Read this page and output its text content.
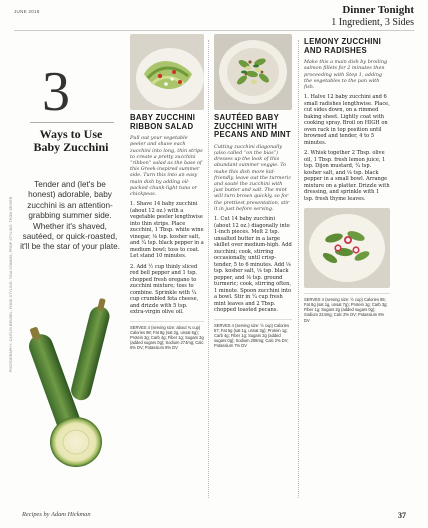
JUNE 2018	Dinner Tonight
1 Ingredient, 3 Sides
3
Ways to Use Baby Zucchini
Tender and (let's be honest) adorable, baby zucchini is an attention-grabbing summer side. Whether it's shaved, sautéed, or quick-roasted, it'll be the star of your plate.
PHOTOGRAPHY: CAITLIN BENSEL; FOOD STYLING: TINA STAMOS; PROP STYLING: THOM DRIVER
BABY ZUCCHINI RIBBON SALAD
Pull out your vegetable peeler and shave each zucchini into long, thin strips to create a pretty zucchini “ribbon” salad as the base of this Greek-inspired summer side. Turn this into an easy main dish by adding oil-packed chunk-light tuna or chickpeas.
1. Shave 14 baby zucchini (about 12 oz.) with a vegetable peeler lengthwise into thin strips. Place zucchini, 1 Tbsp. white wine vinegar, ⅛ tsp. kosher salt, and ¼ tsp. black pepper in a medium bowl; toss to coat. Let stand 10 minutes.
2. Add ½ cup thinly sliced red bell pepper and 1 tsp. chopped fresh oregano to zucchini mixture; toss to combine. Sprinkle with ¼ cup crumbled feta cheese, and drizzle with 5 tsp. extra-virgin olive oil.
SERVES 4 (serving size: about ¾ cup) Calories 98; Fat 8g (sat 2g, unsat 6g); Protein 3g; Carb 4g; Fiber 1g; Sugars 3g (added sugars 0g); Sodium 274mg; Calc 6% DV; Potassium 8% DV
SAUTÉED BABY ZUCCHINI WITH PECANS AND MINT
Cutting zucchini diagonally (also called “on the bias”) dresses up the look of this abundant summer veggie. To make this dish more kid-friendly, leave out the turmeric and sauté the zucchini with just butter and salt. The mint will turn brown quickly, so for the prettiest presentation, stir it in just before serving.
1. Cut 14 baby zucchini (about 12 oz.) diagonally into 1-inch pieces. Melt 2 tsp. unsalted butter in a large skillet over medium-high. Add zucchini; cook, stirring occasionally, until crisp-tender, 5 to 6 minutes. Add ⅛ tsp. kosher salt, ⅛ tsp. black pepper, and ⅛ tsp. ground turmeric; cook, stirring often, 1 minute. Spoon zucchini into a bowl. Stir in ¼ cup fresh mint leaves and 2 Tbsp. chopped toasted pecans.
SERVES 4 (serving size: ½ cup) Calories 57; Fat 5g (sat 1g, unsat 3g); Protein 1g; Carb 4g; Fiber 1g; Sugars 2g (added sugars 0g); Sodium 208mg; Calc 2% DV; Potassium 7% DV
LEMONY ZUCCHINI AND RADISHES
Make this a main dish by broiling salmon fillets for 2 minutes then proceeding with Step 1, adding the vegetables to the pan with fish.
1. Halve 12 baby zucchini and 6 small radishes lengthwise. Place, cut sides down, on a rimmed baking sheet. Lightly coat with cooking spray. Broil on HIGH on oven rack in top position until browned and tender, 4 to 5 minutes.
2. Whisk together 2 Tbsp. olive oil, 1 Tbsp. fresh lemon juice, 1 tsp. Dijon mustard, ¼ tsp. kosher salt, and ⅛ tsp. black pepper in a small bowl. Arrange mixture on a platter. Drizzle with dressing, and sprinkle with 1 tsp. fresh thyme leaves.
SERVES 4 (serving size: ½ cup) Calories 85; Fat 8g (sat 1g, unsat 7g); Protein 1g; Carb 3g; Fiber 1g; Sugars 2g (added sugars 0g); Sodium 224mg; Calc 2% DV; Potassium 6% DV
Recipes by Adam Hickman	37
